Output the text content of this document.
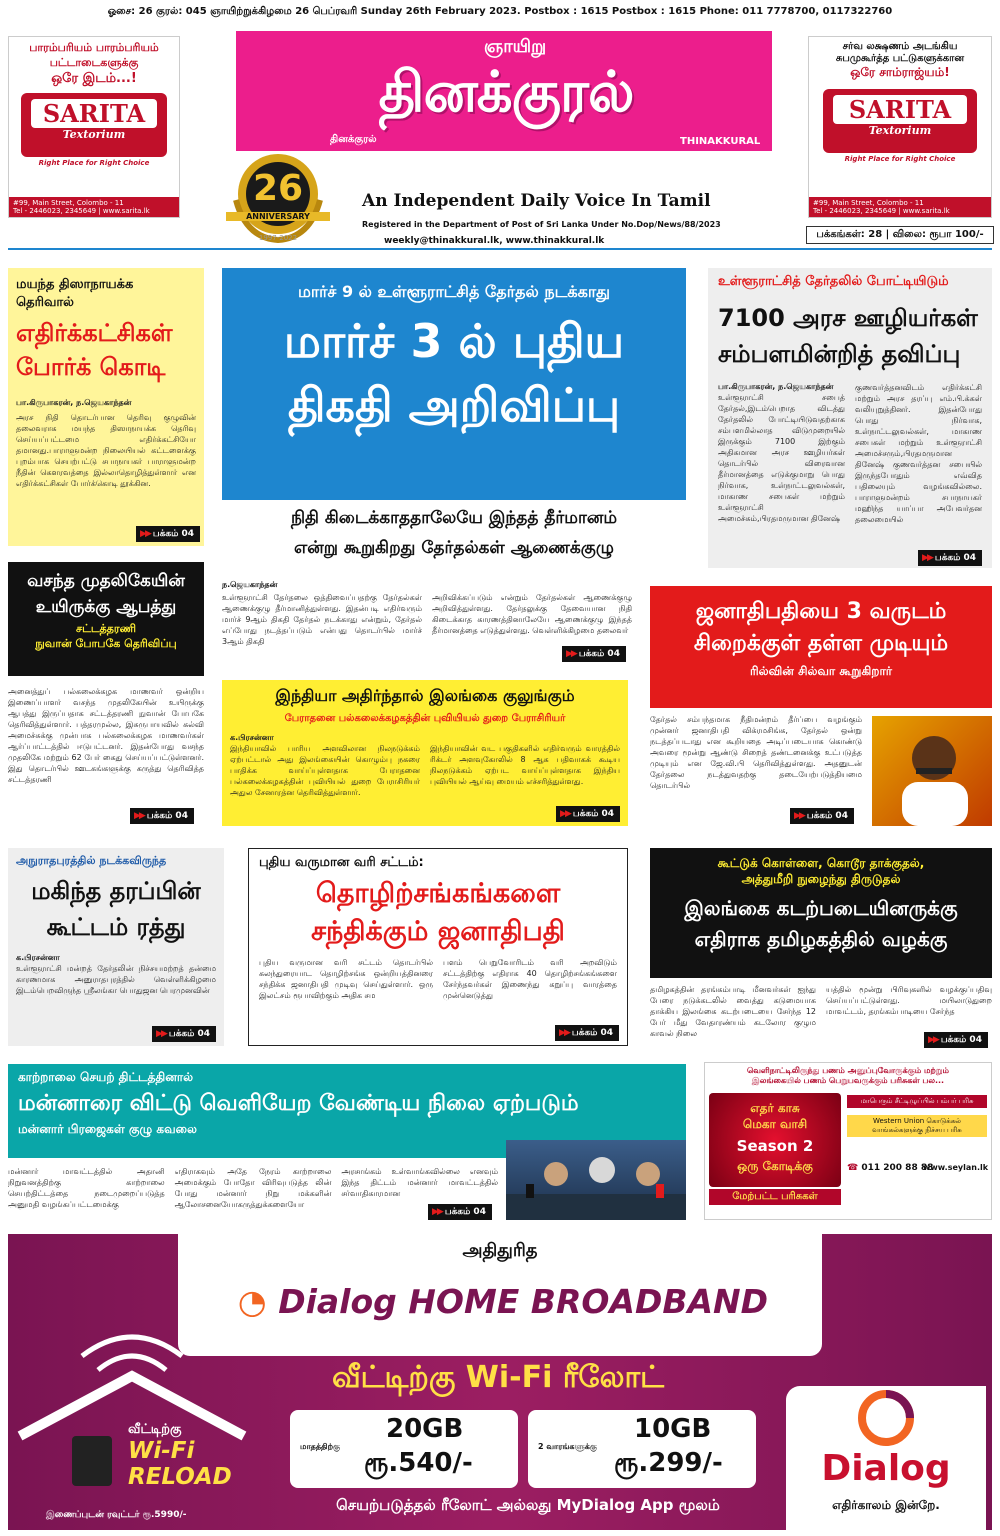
ஓசை: 26 குரல்: 045 ஞாயிற்றுக்கிழமை 26 பெப்ரவரி Sunday 26th February 2023. Postbox : 1615 Postbox : 1615 Phone: 011 7778700, 0117322760
பாரம்பரியம் பாரம்பரியம்
பட்டாடைகளுக்கு
ஒரே இடம்...!
SARITA
Textorium
Right Place for Right Choice
#99, Main Street, Colombo - 11
Tel - 2446023, 2345649 | www.sarita.lk
ஞாயிறு
தினக்குரல்
தினக்குரல்	THINAKKURAL
26
ANNIVERSARY
1997-2022
An Independent Daily Voice In Tamil
Registered in the Department of Post of Sri Lanka Under No.Dop/News/88/2023
weekly@thinakkural.lk, www.thinakkural.lk
சர்வ லக்ஷணம் அடங்கிய
சுபமுகூர்த்த பட்டுகளுக்கான
ஒரே சாம்ராஜ்யம்!
SARITA
Textorium
Right Place for Right Choice
#99, Main Street, Colombo - 11
Tel - 2446023, 2345649 | www.sarita.lk
பக்கங்கள்: 28 | விலை: ரூபா 100/-
மயந்த திஸாநாயக்க தெரிவால்
எதிர்க்கட்சிகள் போர்க் கொடி
பா.கிருபாகரன், ந.ஜெயகாந்தன்
அரச நிதி தொடர்பான தெரிவு குழுவின் தலைவராக மயந்த திஸாநாயக்க தெரிவு செய்யப்பட்டமை எதிர்க்கட்சியோ தமானது.பாராளுமன்ற நிலையியல் கட்டளைக்கு புறம்பாக செயற்பட்டு சபாநாயகர் பாராளுமன்ற நீதின் கௌரவத்தை இல்லாதொழித்துள்ளார் என எதிர்க்கட்சிகள் போர்க்கொடி தூக்கின.
▶▶ பக்கம் 04
மார்ச் 9 ல் உள்ளூராட்சித் தேர்தல் நடக்காது
மார்ச் 3 ல் புதிய
திகதி அறிவிப்பு
நிதி கிடைக்காததாலேயே இந்தத் தீர்மானம்
என்று கூறுகிறது தேர்தல்கள் ஆணைக்குழு
ந.ஜெயகாந்தன்
உள்ளூராட்சி தேர்தலை ஒத்திவைப்பதற்கு தேர்தல்கள் ஆணைக்குழு தீர்மானித்துள்ளது. இதன்படி எதிர்வரும் மார்ச் 9ஆம் திகதி தேர்தல் நடக்காது என்றும், தேர்தல் எப்போது நடத்தப்படும் என்பது தொடர்பில் மார்ச் 3ஆம் திகதி
அறிவிக்கப்படும் என்றும் தேர்தல்கள் ஆணைக்குழு அறிவித்துள்ளது. தேர்தலுக்கு தேவையான நிதி கிடைக்காத காரணத்தினாலேயே ஆணைக்குழு இந்தத் தீர்மானத்தை எடுத்துள்ளது. வெள்ளிக்கிழமை தலைவர்
▶▶ பக்கம் 04
உள்ளூராட்சித் தேர்தலில் போட்டியிடும்
7100 அரச ஊழியர்கள் சம்பளமின்றித் தவிப்பு
பா.கிருபாகரன், ந.ஜெயகாந்தன்
உள்ளூராட்சி சபைத் தேர்தல்,இடம்பெறாத விடத்து தேர்தலில் போட்டியிடுவதற்காக சம்பளமில்லாத விடுமுறையில் இருக்கும் 7100 இற்கும் அதிகமான அரச ஊழியர்கள் தொடர்பில் விரைவான தீர்மானத்தை எடுக்குமாறு பொது நிர்வாக, உள்நாட்டலுவல்கள், மாகாண சபைகள் மற்றும் உள்ளூராட்சி அமைச்சும்,பிரதமருமான தினேஷ்
குணவர்த்தனவிடம் எதிர்க்கட்சி மற்றும் அரச தரப்பு எம்.பி.க்கள் வலியுறுத்தினர். இதன்போது பொது நிர்வாக, உள்நாட்டலுவல்கள், மாகாண சபைகள் மற்றும் உள்ளூராட்சி அமைச்சரும்,பிரதமருமான தினேஷ் குணவர்த்தன சபையில் இருந்தபோதும் எவ்வித பதிலையும் வழங்கவில்லை. பாராளுமன்றம் சபாநாயகர் மஹிந்த யாப்பா அபேவர்தன தலைமையில்
▶▶ பக்கம் 04
வசந்த முதலிகேயின்
உயிருக்கு ஆபத்து
சட்டத்தரணி
நுவான் போபகே தெரிவிப்பு
அனைத்துப் பல்கலைக்கழக மாணவர் ஒன்றிய இணைப்பாளர் வசந்த முதலிகேயின் உயிருக்கு ஆபத்து இருப்பதாக சட்டத்தரணி நுவான் போபகே தெரிவித்துள்ளார். பத்தரமுல்ல, இசுருபாயவில் கல்வி அமைச்சுக்கு முன்பாக பல்கலைக்கழக மாணவர்கள் ஆர்ப்பாட்டத்தில் ஈடுபட்டனர். இதன்போது வசந்த முதலிகே மற்றும் 62 பேர் கைது செய்யப்பட்டுள்ளனர். இது தொடர்பில் ஊடகங்களுக்கு கருத்து தெரிவித்த சட்டத்தரணி
▶▶ பக்கம் 04
இந்தியா அதிர்ந்தால் இலங்கை குலுங்கும்
பேராதனை பல்கலைக்கழகத்தின் புவியியல் துறை பேராசிரியர்
க.பிரசன்னா
இந்தியாவில் பாரிய அளவிலான நிலநடுக்கம் ஏற்பட்டால் அது இலங்கையின் கொழும்பு நகரை பாதிக்க வாய்ப்புள்ளதாக பேராதனை பல்கலைக்கழகத்தின் புவியியல் துறை பேராசிரியர் அதுல சேனாரத்ன தெரிவித்துள்ளார்.
இந்தியாவின் வட பகுதிகளில் எதிர்வரும் வாரத்தில் ரிக்டர் அளவுகோலில் 8 ஆக பதிவாகக் கூடிய நிலநடுக்கம் ஏற்பட வாய்ப்புள்ளதாக இந்திய புவியியல் ஆய்வு மையம் எச்சரித்துள்ளது.
▶▶ பக்கம் 04
ஜனாதிபதியை 3 வருடம்
சிறைக்குள் தள்ள முடியும்
ரில்வின் சில்வா கூறுகிறார்
தேர்தல் சம்பந்தமாக நீதிமன்றம் தீர்ப்பை வழங்கும் முன்னர் ஜனாதிபதி விக்ரமசிங்க, தேர்தல் ஒன்று நடத்தப்படாது என கூறியதை அடிப்படையாக கொண்டு அவரை மூன்று ஆண்டு சிறைத் தண்டனைக்கு உட்படுத்த முடியும் என ஜே.வி.பி தெரிவித்துள்ளது. அதனுடன் தேர்தலை நடத்துவதற்கு தடையேற்படுத்தியமை தொடர்பில்
▶▶ பக்கம் 04
அநுராதபுரத்தில் நடக்கவிருந்த
மகிந்த தரப்பின்
கூட்டம் ரத்து
க.பிரசன்னா
உள்ளூராட்சி மன்றத் தேர்தலின் நிச்சயமற்றத் தன்மை காரணமாக அனுராதபுரத்தில் வெள்ளிக்கிழமை இடம்பெறவிருந்த ஸ்ரீலங்கா பொதுஜன பெரமுனவின்
▶▶ பக்கம் 04
புதிய வருமான வரி சட்டம்:
தொழிற்சங்கங்களை
சந்திக்கும் ஜனாதிபதி
புதிய வருமான வரி சட்டம் தொடர்பில் கலந்துரையாட தொழிற்சங்க ஒன்றியத்தினரை சந்திக்க ஜனாதிபதி முடிவு செய்துள்ளார். ஒரு இலட்சம் ரூபாவிற்கும் அதிக சம
பளம் பெறுவோரிடம் வரி அறவிடும் சட்டத்திற்கு எதிராக 40 தொழிற்சங்கங்களை சேர்ந்தவர்கள் இணைந்து கறுப்பு வாரத்தை முன்னெடுத்து
▶▶ பக்கம் 04
கூட்டுக் கொள்ளை, கொடூர தாக்குதல்,
அத்துமீறி நுழைந்து திருடுதல்
இலங்கை கடற்படையினருக்கு
எதிராக தமிழகத்தில் வழக்கு
தமிழகத்தின் தரங்கம்பாடி மீனவர்கள் ஐந்து பேரை நடுக்கடலில் வைத்து கடுமையாக தாக்கிய இலங்கை கடற்படையை சேர்ந்த 12 பேர் மீது வேதாரண்யம் கடலோர குழும காவல் நிலை
யத்தில் மூன்று பிரிவுகளில் வழக்குப்பதிவு செய்யப்பட்டுள்ளது. மயிலாடுதுறை மாவட்டம், தரங்கம்பாடியை சேர்ந்த
▶▶ பக்கம் 04
காற்றாலை செயற் திட்டத்தினால்
மன்னாரை விட்டு வெளியேற வேண்டிய நிலை ஏற்படும்
மன்னார் பிரஜைகள் குழு கவலை
மன்னார் மாவட்டத்தில் அதானி நிறுவனத்திற்கு காற்றாலை செயற்திட்டத்தை நடைமுறைப்படுத்த அனுமதி வழங்கப்பட்டமைக்கு
எதிராகவும் அதே நேரம் காற்றாலை அமைக்கும் போதோ விரிவுபடுத்த லின் போது மன்னார் நிறு மக்களின் ஆலோசனையோகருத்துக்களையோ
அரசாங்கம் உள்வாங்கவில்லை எனவும் இந்த திட்டம் மன்னார் மாவட்டத்தில் சர்வாதிகாரமான
▶▶ பக்கம் 04
வெளிநாட்டிலிருந்து பணம் அனுப்புவோருக்கும் மற்றும்
இலங்கையில் பணம் பெறுபவருக்கும் பரிசுகள் பல...
எதர் காசு
மெகா வாசி
Season 2
ஒரு கோடிக்கு
மேற்பட்ட பரிசுகள்
மாபெரும் சீட்டிழுப்பில் பம்பர் பரிசு
Western Union கொடுக்கல் வாங்கல்களுக்கு நிச்சய பரிசு
☎ 011 200 88 88
www.seylan.lk
அதிதுரித
◔ Dialog HOME BROADBAND
வீட்டிற்கு Wi-Fi ரீலோட்
வீட்டிற்கு
Wi-Fi
RELOAD
இணைப்புடன் ரவுட்டர் ரூ.5990/-
மாதத்திற்கு
20GB
ரூ.540/-
2 வாரங்களுக்கு
10GB
ரூ.299/-
செயற்படுத்தல் ரீலோட் அல்லது MyDialog App மூலம்
Dialog
எதிர்காலம் இன்றே.
